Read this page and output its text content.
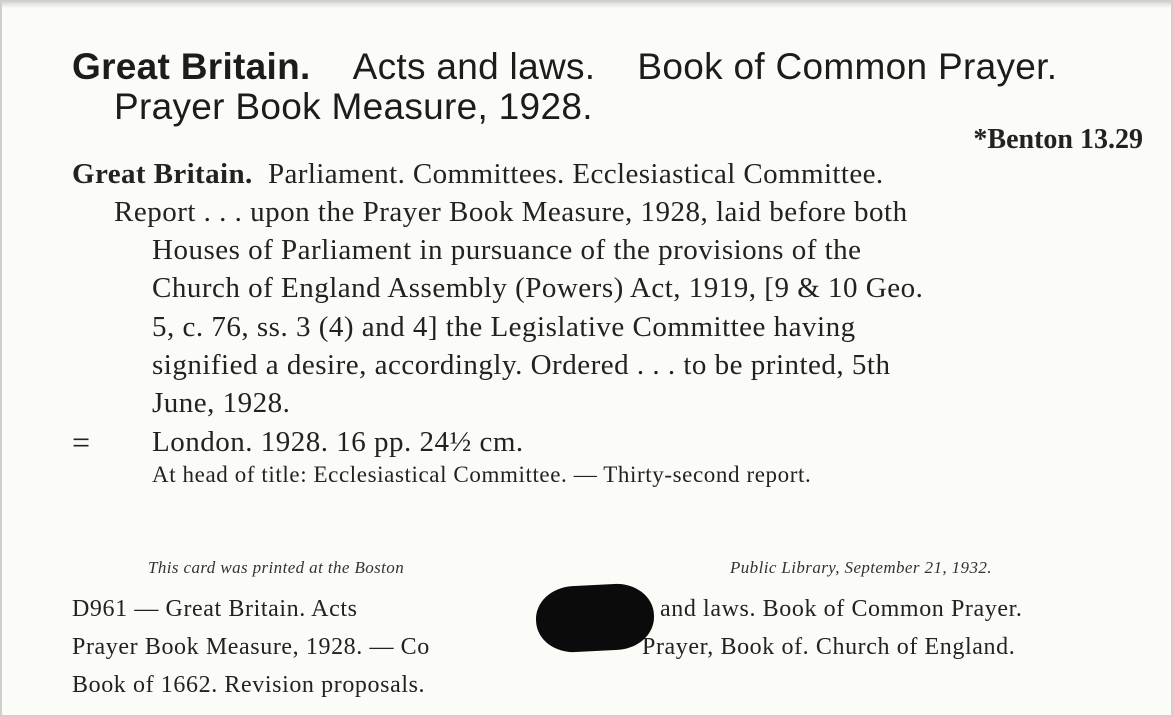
Great Britain. Acts and laws. Book of Common Prayer.
Prayer Book Measure, 1928.
*Benton 13.29
Great Britain. Parliament. Committees. Ecclesiastical Committee.
Report . . . upon the Prayer Book Measure, 1928, laid before both
Houses of Parliament in pursuance of the provisions of the
Church of England Assembly (Powers) Act, 1919, [9 & 10 Geo.
5, c. 76, ss. 3 (4) and 4] the Legislative Committee having
signified a desire, accordingly. Ordered . . . to be printed, 5th
June, 1928.
= London. 1928. 16 pp. 24½ cm.
At head of title: Ecclesiastical Committee. — Thirty-second report.
This card was printed at the Boston	Public Library, September 21, 1932.
D961 — Great Britain. Acts	and laws. Book of Common Prayer.
Prayer Book Measure, 1928. — Co	Prayer, Book of. Church of England.
Book of 1662. Revision proposals.
